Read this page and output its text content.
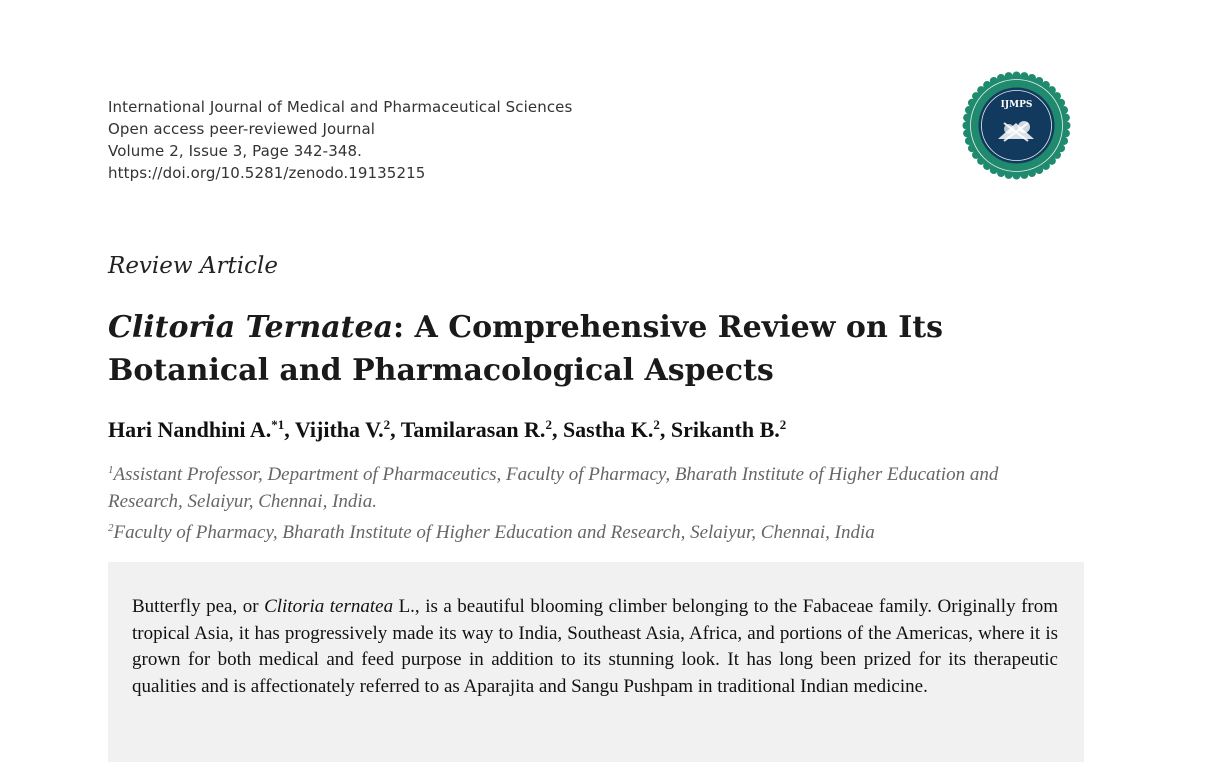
International Journal of Medical and Pharmaceutical Sciences
Open access peer-reviewed Journal
Volume 2, Issue 3, Page 342-348.
https://doi.org/10.5281/zenodo.19135215
IJMPS
Review Article
Clitoria Ternatea: A Comprehensive Review on Its
Botanical and Pharmacological Aspects
Hari Nandhini A.$^{*1}$, Vijitha V.$^2$, Tamilarasan R.$^2$, Sastha K.$^2$, Srikanth B.$^2$
$^1$Assistant Professor, Department of Pharmaceutics, Faculty of Pharmacy, Bharath Institute of Higher Education and Research, Selaiyur, Chennai, India.
$^2$Faculty of Pharmacy, Bharath Institute of Higher Education and Research, Selaiyur, Chennai, India
Butterfly pea, or Clitoria ternatea L., is a beautiful blooming climber belonging to the Fabaceae family. Originally from tropical Asia, it has progressively made its way to India, Southeast Asia, Africa, and portions of the Americas, where it is grown for both medical and feed purpose in addition to its stunning look. It has long been prized for its therapeutic qualities and is affectionately referred to as Aparajita and Sangu Pushpam in traditional Indian medicine.
